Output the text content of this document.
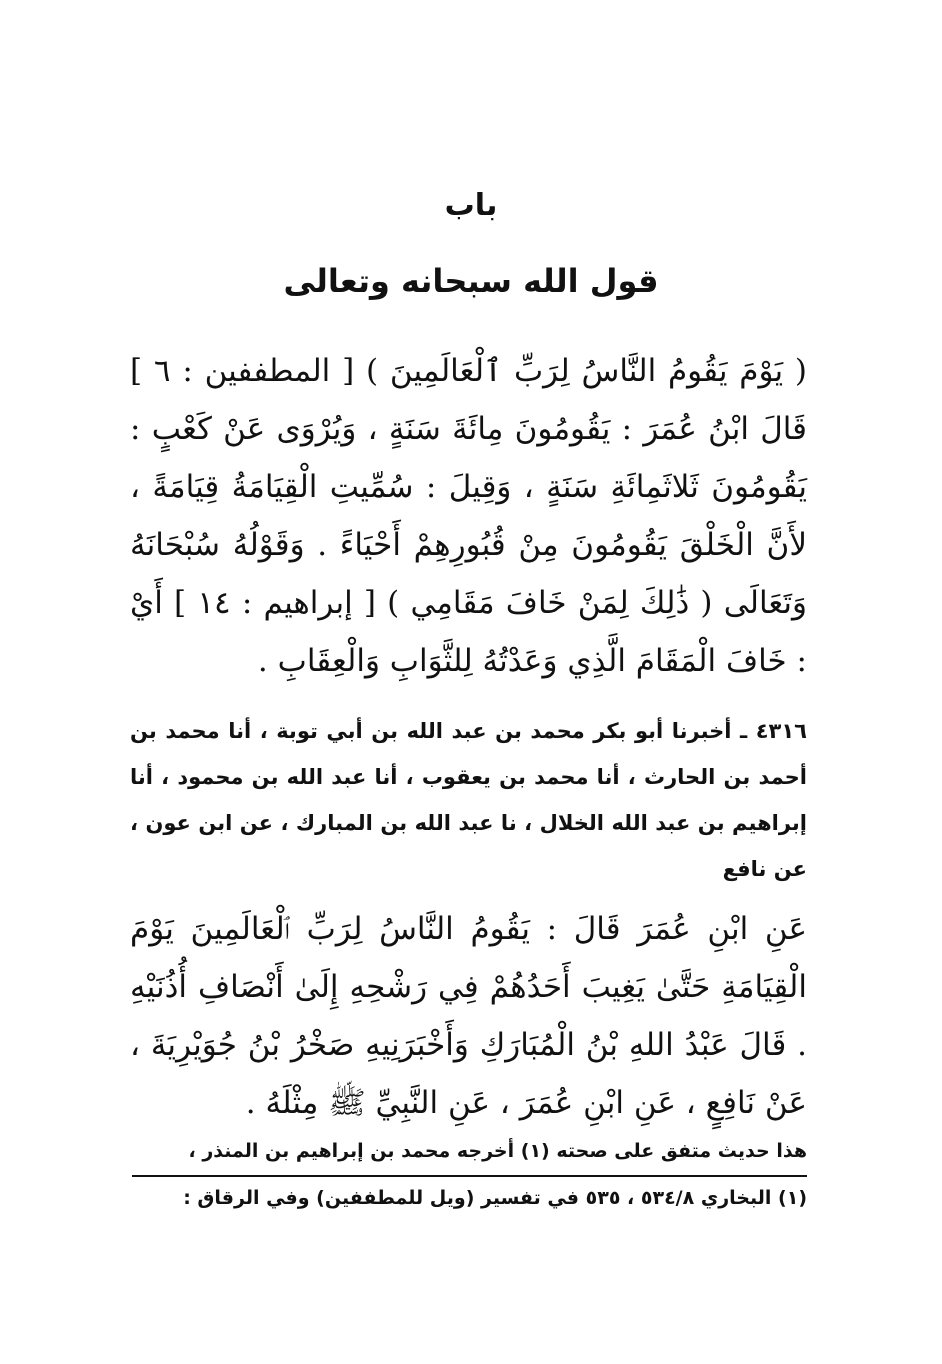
باب
قول الله سبحانه وتعالى
( يَوْمَ يَقُومُ النَّاسُ لِرَبِّ ٱلْعَالَمِينَ ) [ المطففين : ٦ ] قَالَ ابْنُ عُمَرَ : يَقُومُونَ مِائَةَ سَنَةٍ ، وَيُرْوَى عَنْ كَعْبٍ : يَقُومُونَ ثَلاثَمِائَةِ سَنَةٍ ، وَقِيلَ : سُمِّيتِ الْقِيَامَةُ قِيَامَةً ، لأَنَّ الْخَلْقَ يَقُومُونَ مِنْ قُبُورِهِمْ أَحْيَاءً . وَقَوْلُهُ سُبْحَانَهُ وَتَعَالَى ( ذَٰلِكَ لِمَنْ خَافَ مَقَامِي ) [ إبراهيم : ١٤ ] أَيْ : خَافَ الْمَقَامَ الَّذِي وَعَدْتُهُ لِلثَّوَابِ وَالْعِقَابِ .
٤٣١٦ ـ أخبرنا أبو بكر محمد بن عبد الله بن أبي توبة ، أنا محمد بن أحمد بن الحارث ، أنا محمد بن يعقوب ، أنا عبد الله بن محمود ، أنا إبراهيم بن عبد الله الخلال ، نا عبد الله بن المبارك ، عن ابن عون ، عن نافع
عَنِ ابْنِ عُمَرَ قَالَ : يَقُومُ النَّاسُ لِرَبِّ ٱلْعَالَمِينَ يَوْمَ الْقِيَامَةِ حَتَّىٰ يَغِيبَ أَحَدُهُمْ فِي رَشْحِهِ إِلَىٰ أَنْصَافِ أُذُنَيْهِ . قَالَ عَبْدُ اللهِ بْنُ الْمُبَارَكِ وَأَخْبَرَنِيهِ صَخْرُ بْنُ جُوَيْرِيَةَ ، عَنْ نَافِعٍ ، عَنِ ابْنِ عُمَرَ ، عَنِ النَّبِيِّ ﷺ مِثْلَهُ .
هذا حديث متفق على صحته (١) أخرجه محمد بن إبراهيم بن المنذر ،
(١) البخاري ٥٣٤/٨ ، ٥٣٥ في تفسير (ويل للمطففين) وفي الرقاق :
